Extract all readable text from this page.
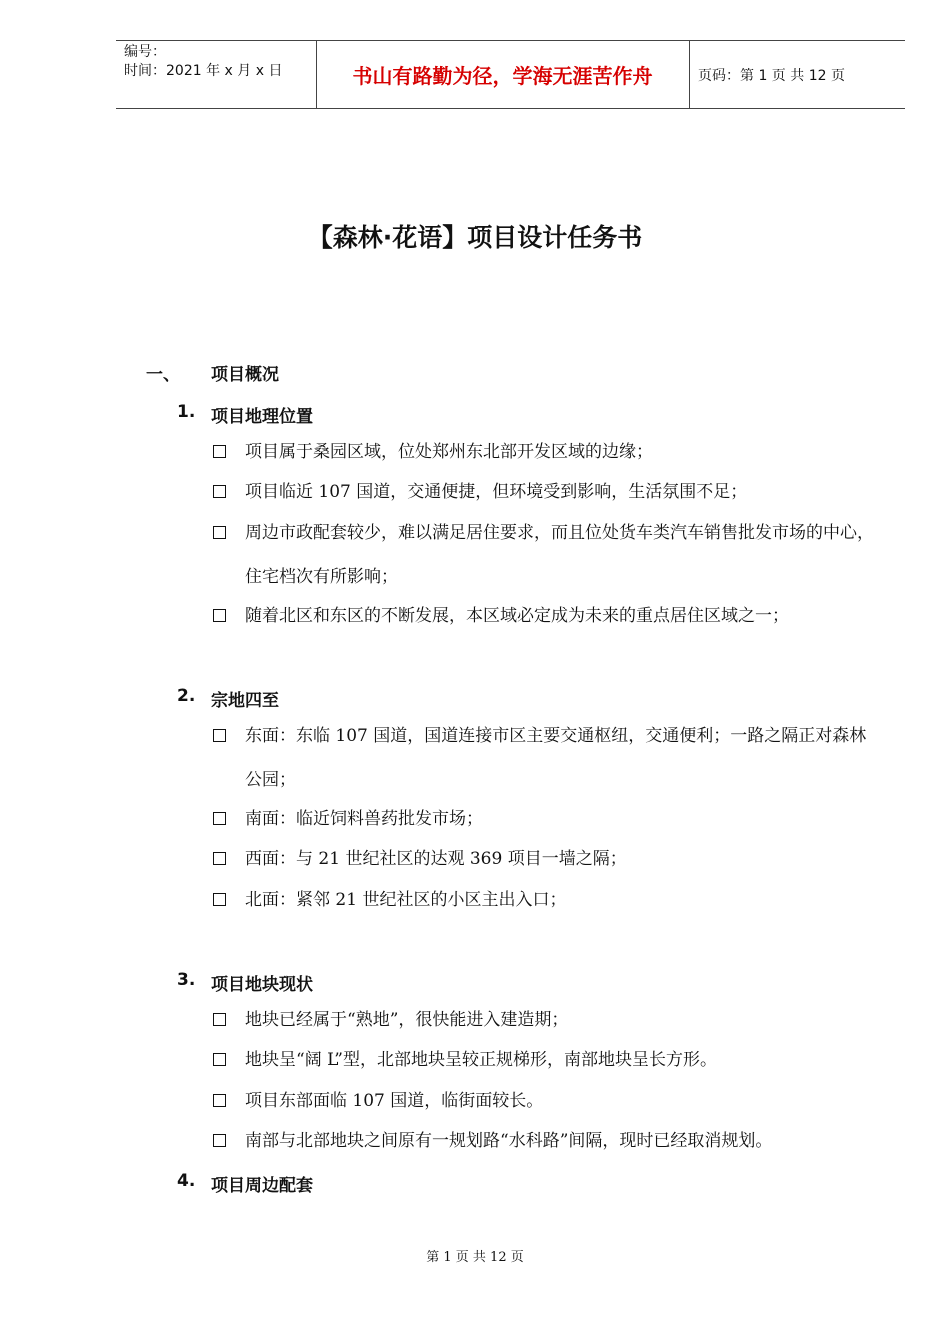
编号：
时间：2021 年 x 月 x 日	书山有路勤为径，学海无涯苦作舟	页码：第 1 页 共 12 页
【森林·花语】项目设计任务书
一、 项目概况
1. 项目地理位置
项目属于桑园区域，位处郑州东北部开发区域的边缘；
项目临近 107 国道，交通便捷，但环境受到影响，生活氛围不足；
周边市政配套较少，难以满足居住要求，而且位处货车类汽车销售批发市场的中心，住宅档次有所影响；
随着北区和东区的不断发展，本区域必定成为未来的重点居住区域之一；
2. 宗地四至
东面：东临 107 国道，国道连接市区主要交通枢纽，交通便利；一路之隔正对森林公园；
南面：临近饲料兽药批发市场；
西面：与 21 世纪社区的达观 369 项目一墙之隔；
北面：紧邻 21 世纪社区的小区主出入口；
3. 项目地块现状
地块已经属于“熟地”，很快能进入建造期；
地块呈“阔 L”型，北部地块呈较正规梯形，南部地块呈长方形。
项目东部面临 107 国道，临街面较长。
南部与北部地块之间原有一规划路“水科路”间隔，现时已经取消规划。
4. 项目周边配套
第 1 页 共 12 页
